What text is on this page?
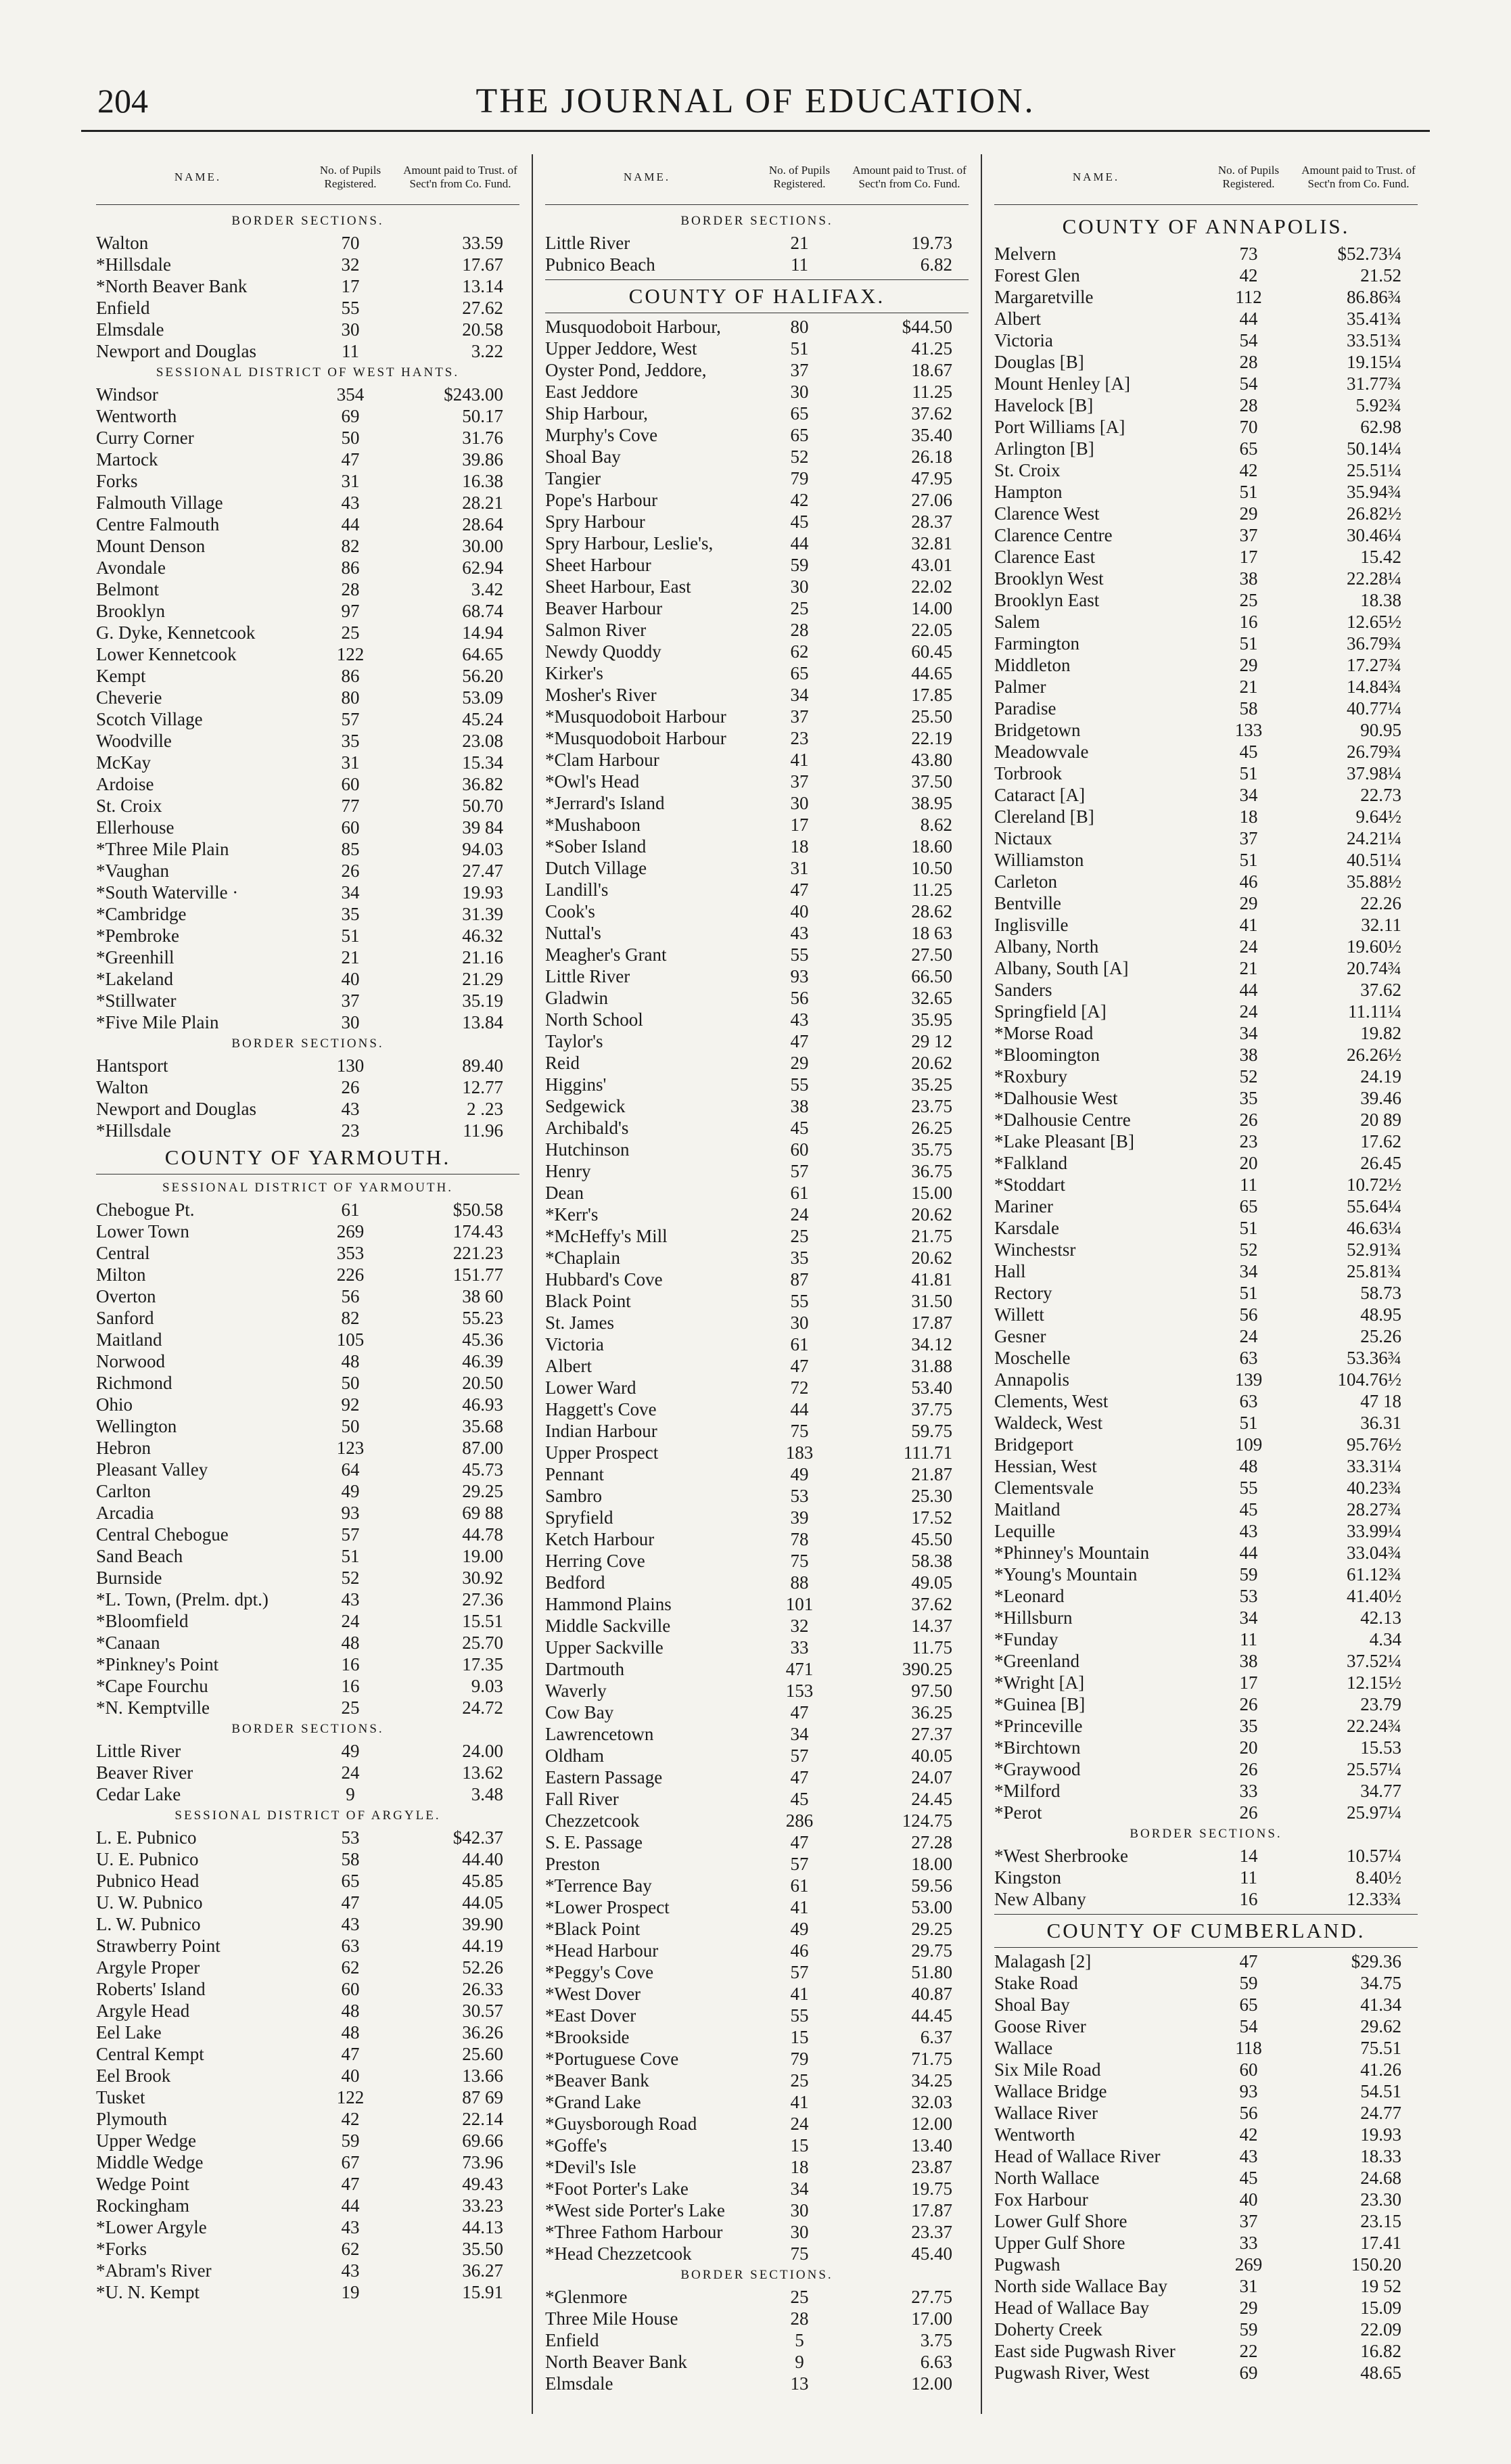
204	THE JOURNAL OF EDUCATION.
NAME.
No. of Pupils Registered.
Amount paid to Trust. of Sect'n from Co. Fund.
BORDER SECTIONS.
Walton	70	33.59
*Hillsdale	32	17.67
*North Beaver Bank	17	13.14
Enfield	55	27.62
Elmsdale	30	20.58
Newport and Douglas	11	3.22
SESSIONAL DISTRICT OF WEST HANTS.
Windsor	354	$243.00
Wentworth	69	50.17
Curry Corner	50	31.76
Martock	47	39.86
Forks	31	16.38
Falmouth Village	43	28.21
Centre Falmouth	44	28.64
Mount Denson	82	30.00
Avondale	86	62.94
Belmont	28	3.42
Brooklyn	97	68.74
G. Dyke, Kennetcook	25	14.94
Lower Kennetcook	122	64.65
Kempt	86	56.20
Cheverie	80	53.09
Scotch Village	57	45.24
Woodville	35	23.08
McKay	31	15.34
Ardoise	60	36.82
St. Croix	77	50.70
Ellerhouse	60	39 84
*Three Mile Plain	85	94.03
*Vaughan	26	27.47
*South Waterville ·	34	19.93
*Cambridge	35	31.39
*Pembroke	51	46.32
*Greenhill	21	21.16
*Lakeland	40	21.29
*Stillwater	37	35.19
*Five Mile Plain	30	13.84
BORDER SECTIONS.
Hantsport	130	89.40
Walton	26	12.77
Newport and Douglas	43	2 .23
*Hillsdale	23	11.96
COUNTY OF YARMOUTH.
SESSIONAL DISTRICT OF YARMOUTH.
Chebogue Pt.	61	$50.58
Lower Town	269	174.43
Central	353	221.23
Milton	226	151.77
Overton	56	38 60
Sanford	82	55.23
Maitland	105	45.36
Norwood	48	46.39
Richmond	50	20.50
Ohio	92	46.93
Wellington	50	35.68
Hebron	123	87.00
Pleasant Valley	64	45.73
Carlton	49	29.25
Arcadia	93	69 88
Central Chebogue	57	44.78
Sand Beach	51	19.00
Burnside	52	30.92
*L. Town, (Prelm. dpt.)	43	27.36
*Bloomfield	24	15.51
*Canaan	48	25.70
*Pinkney's Point	16	17.35
*Cape Fourchu	16	9.03
*N. Kemptville	25	24.72
BORDER SECTIONS.
Little River	49	24.00
Beaver River	24	13.62
Cedar Lake	9	3.48
SESSIONAL DISTRICT OF ARGYLE.
L. E. Pubnico	53	$42.37
U. E. Pubnico	58	44.40
Pubnico Head	65	45.85
U. W. Pubnico	47	44.05
L. W. Pubnico	43	39.90
Strawberry Point	63	44.19
Argyle Proper	62	52.26
Roberts' Island	60	26.33
Argyle Head	48	30.57
Eel Lake	48	36.26
Central Kempt	47	25.60
Eel Brook	40	13.66
Tusket	122	87 69
Plymouth	42	22.14
Upper Wedge	59	69.66
Middle Wedge	67	73.96
Wedge Point	47	49.43
Rockingham	44	33.23
*Lower Argyle	43	44.13
*Forks	62	35.50
*Abram's River	43	36.27
*U. N. Kempt	19	15.91
NAME.
No. of Pupils Registered.
Amount paid to Trust. of Sect'n from Co. Fund.
BORDER SECTIONS.
Little River	21	19.73
Pubnico Beach	11	6.82
COUNTY OF HALIFAX.
Musquodoboit Harbour,	80	$44.50
Upper Jeddore, West	51	41.25
Oyster Pond, Jeddore,	37	18.67
East Jeddore	30	11.25
Ship Harbour,	65	37.62
Murphy's Cove	65	35.40
Shoal Bay	52	26.18
Tangier	79	47.95
Pope's Harbour	42	27.06
Spry Harbour	45	28.37
Spry Harbour, Leslie's,	44	32.81
Sheet Harbour	59	43.01
Sheet Harbour, East	30	22.02
Beaver Harbour	25	14.00
Salmon River	28	22.05
Newdy Quoddy	62	60.45
Kirker's	65	44.65
Mosher's River	34	17.85
*Musquodoboit Harbour	37	25.50
*Musquodoboit Harbour	23	22.19
*Clam Harbour	41	43.80
*Owl's Head	37	37.50
*Jerrard's Island	30	38.95
*Mushaboon	17	8.62
*Sober Island	18	18.60
Dutch Village	31	10.50
Landill's	47	11.25
Cook's	40	28.62
Nuttal's	43	18 63
Meagher's Grant	55	27.50
Little River	93	66.50
Gladwin	56	32.65
North School	43	35.95
Taylor's	47	29 12
Reid	29	20.62
Higgins'	55	35.25
Sedgewick	38	23.75
Archibald's	45	26.25
Hutchinson	60	35.75
Henry	57	36.75
Dean	61	15.00
*Kerr's	24	20.62
*McHeffy's Mill	25	21.75
*Chaplain	35	20.62
Hubbard's Cove	87	41.81
Black Point	55	31.50
St. James	30	17.87
Victoria	61	34.12
Albert	47	31.88
Lower Ward	72	53.40
Haggett's Cove	44	37.75
Indian Harbour	75	59.75
Upper Prospect	183	111.71
Pennant	49	21.87
Sambro	53	25.30
Spryfield	39	17.52
Ketch Harbour	78	45.50
Herring Cove	75	58.38
Bedford	88	49.05
Hammond Plains	101	37.62
Middle Sackville	32	14.37
Upper Sackville	33	11.75
Dartmouth	471	390.25
Waverly	153	97.50
Cow Bay	47	36.25
Lawrencetown	34	27.37
Oldham	57	40.05
Eastern Passage	47	24.07
Fall River	45	24.45
Chezzetcook	286	124.75
S. E. Passage	47	27.28
Preston	57	18.00
*Terrence Bay	61	59.56
*Lower Prospect	41	53.00
*Black Point	49	29.25
*Head Harbour	46	29.75
*Peggy's Cove	57	51.80
*West Dover	41	40.87
*East Dover	55	44.45
*Brookside	15	6.37
*Portuguese Cove	79	71.75
*Beaver Bank	25	34.25
*Grand Lake	41	32.03
*Guysborough Road	24	12.00
*Goffe's	15	13.40
*Devil's Isle	18	23.87
*Foot Porter's Lake	34	19.75
*West side Porter's Lake	30	17.87
*Three Fathom Harbour	30	23.37
*Head Chezzetcook	75	45.40
BORDER SECTIONS.
*Glenmore	25	27.75
Three Mile House	28	17.00
Enfield	5	3.75
North Beaver Bank	9	6.63
Elmsdale	13	12.00
NAME.
No. of Pupils Registered.
Amount paid to Trust. of Sect'n from Co. Fund.
COUNTY OF ANNAPOLIS.
Melvern	73	$52.73¼
Forest Glen	42	21.52
Margaretville	112	86.86¾
Albert	44	35.41¾
Victoria	54	33.51¾
Douglas [B]	28	19.15¼
Mount Henley [A]	54	31.77¾
Havelock [B]	28	5.92¾
Port Williams [A]	70	62.98
Arlington [B]	65	50.14¼
St. Croix	42	25.51¼
Hampton	51	35.94¾
Clarence West	29	26.82½
Clarence Centre	37	30.46¼
Clarence East	17	15.42
Brooklyn West	38	22.28¼
Brooklyn East	25	18.38
Salem	16	12.65½
Farmington	51	36.79¾
Middleton	29	17.27¾
Palmer	21	14.84¾
Paradise	58	40.77¼
Bridgetown	133	90.95
Meadowvale	45	26.79¾
Torbrook	51	37.98¼
Cataract [A]	34	22.73
Clereland [B]	18	9.64½
Nictaux	37	24.21¼
Williamston	51	40.51¼
Carleton	46	35.88½
Bentville	29	22.26
Inglisville	41	32.11
Albany, North	24	19.60½
Albany, South [A]	21	20.74¾
Sanders	44	37.62
Springfield [A]	24	11.11¼
*Morse Road	34	19.82
*Bloomington	38	26.26½
*Roxbury	52	24.19
*Dalhousie West	35	39.46
*Dalhousie Centre	26	20 89
*Lake Pleasant [B]	23	17.62
*Falkland	20	26.45
*Stoddart	11	10.72½
Mariner	65	55.64¼
Karsdale	51	46.63¼
Winchestsr	52	52.91¾
Hall	34	25.81¾
Rectory	51	58.73
Willett	56	48.95
Gesner	24	25.26
Moschelle	63	53.36¾
Annapolis	139	104.76½
Clements, West	63	47 18
Waldeck, West	51	36.31
Bridgeport	109	95.76½
Hessian, West	48	33.31¼
Clementsvale	55	40.23¾
Maitland	45	28.27¾
Lequille	43	33.99¼
*Phinney's Mountain	44	33.04¾
*Young's Mountain	59	61.12¾
*Leonard	53	41.40½
*Hillsburn	34	42.13
*Funday	11	4.34
*Greenland	38	37.52¼
*Wright [A]	17	12.15½
*Guinea [B]	26	23.79
*Princeville	35	22.24¾
*Birchtown	20	15.53
*Graywood	26	25.57¼
*Milford	33	34.77
*Perot	26	25.97¼
BORDER SECTIONS.
*West Sherbrooke	14	10.57¼
Kingston	11	8.40½
New Albany	16	12.33¾
COUNTY OF CUMBERLAND.
Malagash [2]	47	$29.36
Stake Road	59	34.75
Shoal Bay	65	41.34
Goose River	54	29.62
Wallace	118	75.51
Six Mile Road	60	41.26
Wallace Bridge	93	54.51
Wallace River	56	24.77
Wentworth	42	19.93
Head of Wallace River	43	18.33
North Wallace	45	24.68
Fox Harbour	40	23.30
Lower Gulf Shore	37	23.15
Upper Gulf Shore	33	17.41
Pugwash	269	150.20
North side Wallace Bay	31	19 52
Head of Wallace Bay	29	15.09
Doherty Creek	59	22.09
East side Pugwash River	22	16.82
Pugwash River, West	69	48.65
